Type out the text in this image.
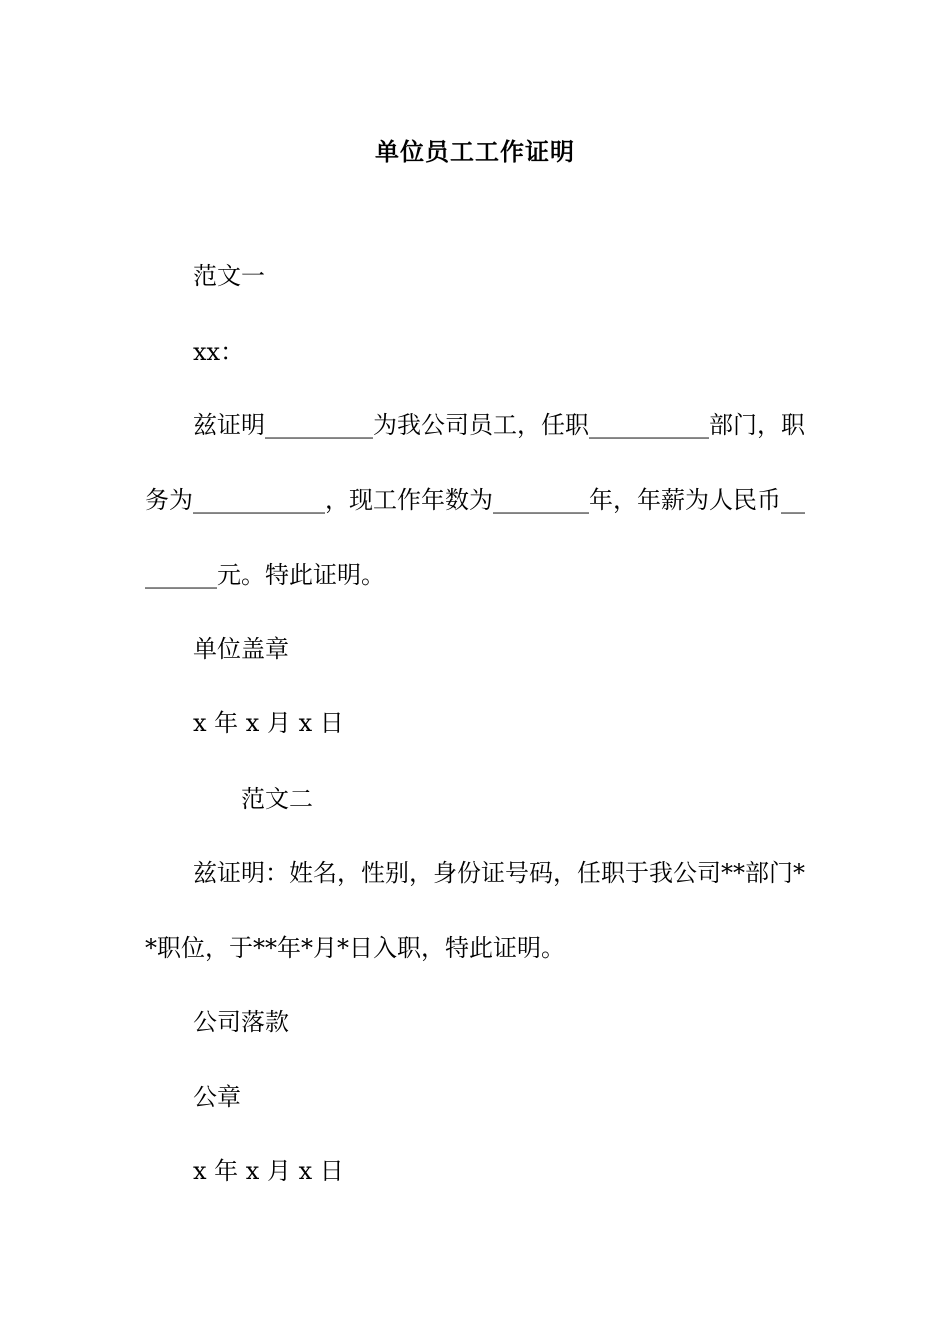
单位员工工作证明
范文一
xx：
兹证明_________为我公司员工，任职__________部门，职
务为___________，现工作年数为________年，年薪为人民币__
______元。特此证明。
单位盖章
x 年 x 月 x 日
范文二
兹证明：姓名，性别，身份证号码，任职于我公司**部门*
*职位，于**年*月*日入职，特此证明。
公司落款
公章
x 年 x 月 x 日
